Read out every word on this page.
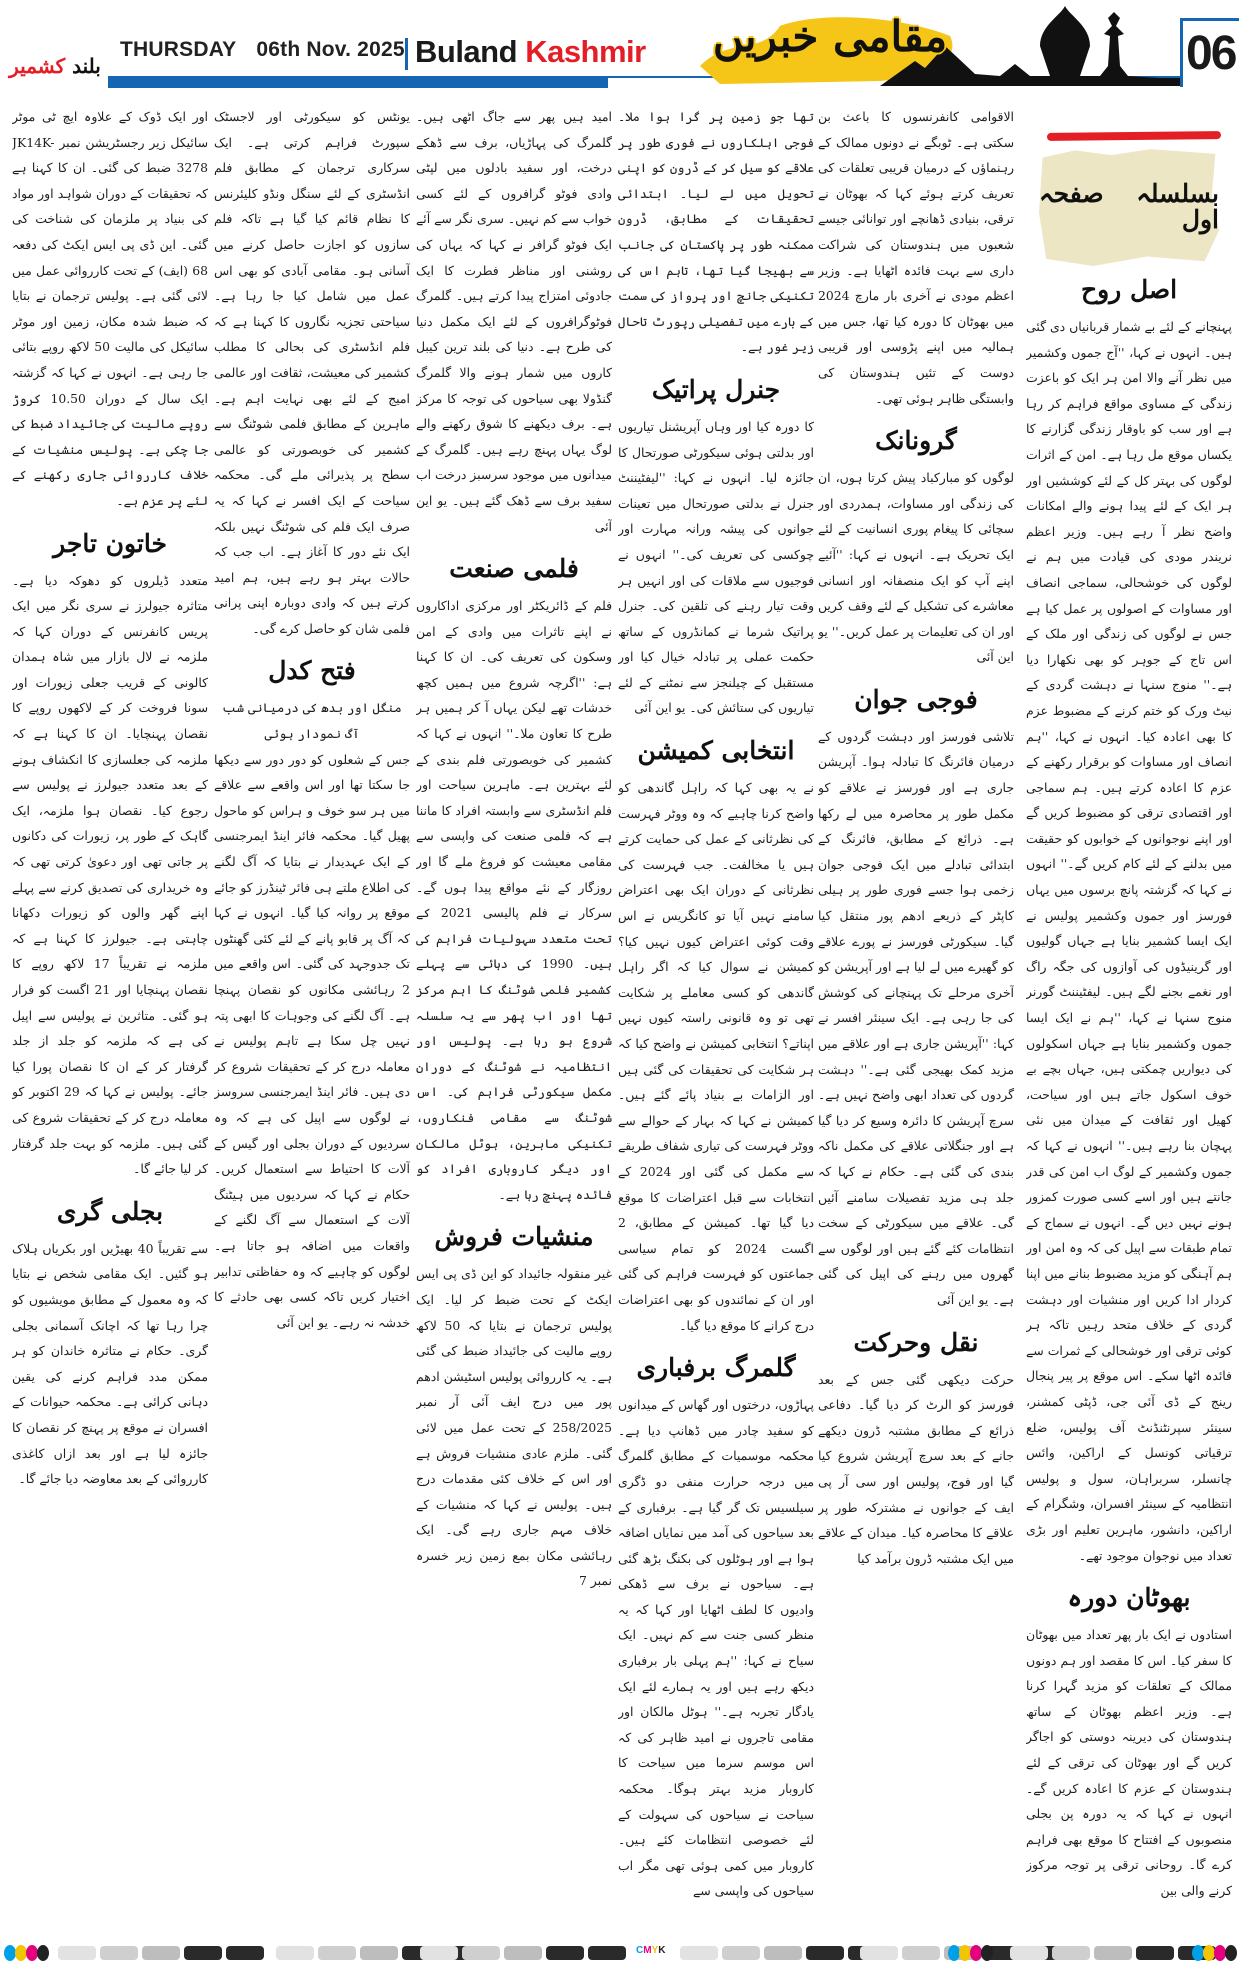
بلند کشمیر
THURSDAY 06th Nov. 2025 Buland Kashmir	مقامی خبریں	06
بسلسلہ صفحہ اول
اصل روح

پہنچانے کے لئے بے شمار قربانیاں دی گئی ہیں۔ انہوں نے کہا، ''آج جموں وکشمیر میں نظر آنے والا امن ہر ایک کو باعزت زندگی کے مساوی مواقع فراہم کر رہا ہے اور سب کو باوقار زندگی گزارنے کا یکساں موقع مل رہا ہے۔ امن کے اثرات لوگوں کی بہتر کل کے لئے کوششیں اور ہر ایک کے لئے پیدا ہونے والے امکانات واضح نظر آ رہے ہیں۔ وزیر اعظم نریندر مودی کی قیادت میں ہم نے لوگوں کی خوشحالی، سماجی انصاف اور مساوات کے اصولوں پر عمل کیا ہے جس نے لوگوں کی زندگی اور ملک کے اس تاج کے جوہر کو بھی نکھارا دیا ہے۔'' منوج سنہا نے دہشت گردی کے نیٹ ورک کو ختم کرنے کے مضبوط عزم کا بھی اعادہ کیا۔ انہوں نے کہا، ''ہم انصاف اور مساوات کو برقرار رکھنے کے عزم کا اعادہ کرتے ہیں۔ ہم سماجی اور اقتصادی ترقی کو مضبوط کریں گے اور اپنے نوجوانوں کے خوابوں کو حقیقت میں بدلنے کے لئے کام کریں گے۔'' انہوں نے کہا کہ گزشتہ پانچ برسوں میں یہاں فورسز اور جموں وکشمیر پولیس نے ایک ایسا کشمیر بنایا ہے جہاں گولیوں اور گرینیڈوں کی آوازوں کی جگہ راگ اور نغمے بجنے لگے ہیں۔ لیفٹیننٹ گورنر منوج سنہا نے کہا، ''ہم نے ایک ایسا جموں وکشمیر بنایا ہے جہاں اسکولوں کی دیواریں چمکتی ہیں، جہاں بچے بے خوف اسکول جاتے ہیں اور سیاحت، کھیل اور ثقافت کے میدان میں نئی پہچان بنا رہے ہیں۔'' انہوں نے کہا کہ جموں وکشمیر کے لوگ اب امن کی قدر جانتے ہیں اور اسے کسی صورت کمزور ہونے نہیں دیں گے۔ انہوں نے سماج کے تمام طبقات سے اپیل کی کہ وہ امن اور ہم آہنگی کو مزید مضبوط بنانے میں اپنا کردار ادا کریں اور منشیات اور دہشت گردی کے خلاف متحد رہیں تاکہ ہر کوئی ترقی اور خوشحالی کے ثمرات سے فائدہ اٹھا سکے۔ اس موقع پر پیر پنجال رینج کے ڈی آئی جی، ڈپٹی کمشنر، سینئر سپرنٹنڈنٹ آف پولیس، ضلع ترقیاتی کونسل کے اراکین، وائس چانسلر، سربراہان، سول و پولیس انتظامیہ کے سینئر افسران، وشگرام کے اراکین، دانشور، ماہرین تعلیم اور بڑی تعداد میں نوجوان موجود تھے۔

بھوٹان دورہ

استادوں نے ایک بار پھر تعداد میں بھوٹان کا سفر کیا۔ اس کا مقصد اور ہم دونوں ممالک کے تعلقات کو مزید گہرا کرنا ہے۔ وزیر اعظم بھوٹان کے ساتھ ہندوستان کی دیرینہ دوستی کو اجاگر کریں گے اور بھوٹان کی ترقی کے لئے ہندوستان کے عزم کا اعادہ کریں گے۔ انہوں نے کہا کہ یہ دورہ پن بجلی منصوبوں کے افتتاح کا موقع بھی فراہم کرے گا۔ روحانی ترقی پر توجہ مرکوز کرنے والی بین

الاقوامی کانفرنسوں کا باعث بن سکتی ہے۔ ٹوبگے نے دونوں ممالک کے رہنماؤں کے درمیان قریبی تعلقات کی تعریف کرتے ہوئے کہا کہ بھوٹان نے ترقی، بنیادی ڈھانچے اور توانائی جیسے شعبوں میں ہندوستان کی شراکت داری سے بہت فائدہ اٹھایا ہے۔ وزیر اعظم مودی نے آخری بار مارچ 2024 میں بھوٹان کا دورہ کیا تھا، جس میں ہمالیہ میں اپنے پڑوسی اور قریبی دوست کے تئیں ہندوستان کی وابستگی ظاہر ہوئی تھی۔

گرونانک

لوگوں کو مبارکباد پیش کرتا ہوں، ان کی زندگی اور مساوات، ہمدردی اور سچائی کا پیغام پوری انسانیت کے لئے ایک تحریک ہے۔ انہوں نے کہا: ''آئیے اپنے آپ کو ایک منصفانہ اور انسانی معاشرے کی تشکیل کے لئے وقف کریں اور ان کی تعلیمات پر عمل کریں۔'' یو این آئی

فوجی جوان

تلاشی فورسز اور دہشت گردوں کے درمیان فائرنگ کا تبادلہ ہوا۔ آپریشن جاری ہے اور فورسز نے علاقے کو مکمل طور پر محاصرہ میں لے رکھا ہے۔ ذرائع کے مطابق، فائرنگ کے ابتدائی تبادلے میں ایک فوجی جوان زخمی ہوا جسے فوری طور پر ہیلی کاپٹر کے ذریعے ادھم پور منتقل کیا گیا۔ سیکورٹی فورسز نے پورے علاقے کو گھیرے میں لے لیا ہے اور آپریشن کو آخری مرحلے تک پہنچانے کی کوشش کی جا رہی ہے۔ ایک سینئر افسر نے کہا: ''آپریشن جاری ہے اور علاقے میں مزید کمک بھیجی گئی ہے۔'' دہشت گردوں کی تعداد ابھی واضح نہیں ہے۔ سرچ آپریشن کا دائرہ وسیع کر دیا گیا ہے اور جنگلاتی علاقے کی مکمل ناکہ بندی کی گئی ہے۔ حکام نے کہا کہ جلد ہی مزید تفصیلات سامنے آئیں گی۔ علاقے میں سیکورٹی کے سخت انتظامات کئے گئے ہیں اور لوگوں سے گھروں میں رہنے کی اپیل کی گئی ہے۔ یو این آئی

نقل وحرکت

حرکت دیکھی گئی جس کے بعد فورسز کو الرٹ کر دیا گیا۔ دفاعی ذرائع کے مطابق مشتبہ ڈرون دیکھے جانے کے بعد سرچ آپریشن شروع کیا گیا اور فوج، پولیس اور سی آر پی ایف کے جوانوں نے مشترکہ طور پر علاقے کا محاصرہ کیا۔ میدان کے علاقے میں ایک مشتبہ ڈرون برآمد کیا

تھا جو زمین پر گرا ہوا ملا۔ فوجی اہلکاروں نے فوری طور پر علاقے کو سیل کر کے ڈرون کو اپنی تحویل میں لے لیا۔ ابتدائی تحقیقات کے مطابق، ڈرون ممکنہ طور پر پاکستان کی جانب سے بھیجا گیا تھا، تاہم اس کی تکنیکی جانچ اور پرواز کی سمت کے بارے میں تفصیلی رپورٹ تاحال زیر غور ہے۔

جنرل پراتیک

کا دورہ کیا اور وہاں آپریشنل تیاریوں اور بدلتی ہوئی سیکورٹی صورتحال کا جائزہ لیا۔ انہوں نے کہا: ''لیفٹیننٹ جنرل نے بدلتی صورتحال میں تعینات جوانوں کی پیشہ ورانہ مہارت اور چوکسی کی تعریف کی۔'' انہوں نے فوجیوں سے ملاقات کی اور انہیں ہر وقت تیار رہنے کی تلقین کی۔ جنرل پراتیک شرما نے کمانڈروں کے ساتھ حکمت عملی پر تبادلہ خیال کیا اور مستقبل کے چیلنجز سے نمٹنے کے لئے تیاریوں کی ستائش کی۔ یو این آئی

انتخابی کمیشن

نے یہ بھی کہا کہ راہل گاندھی کو واضح کرنا چاہیے کہ وہ ووٹر فہرست کی نظرثانی کے عمل کی حمایت کرتے ہیں یا مخالفت۔ جب فہرست کی نظرثانی کے دوران ایک بھی اعتراض سامنے نہیں آیا تو کانگریس نے اس وقت کوئی اعتراض کیوں نہیں کیا؟ کمیشن نے سوال کیا کہ اگر راہل گاندھی کو کسی معاملے پر شکایت تھی تو وہ قانونی راستہ کیوں نہیں اپناتے؟ انتخابی کمیشن نے واضح کیا کہ ہر شکایت کی تحقیقات کی گئی ہیں اور الزامات بے بنیاد پائے گئے ہیں۔ کمیشن نے کہا کہ بہار کے حوالے سے ووٹر فہرست کی تیاری شفاف طریقے سے مکمل کی گئی اور 2024 کے انتخابات سے قبل اعتراضات کا موقع دیا گیا تھا۔ کمیشن کے مطابق، 2 اگست 2024 کو تمام سیاسی جماعتوں کو فہرست فراہم کی گئی اور ان کے نمائندوں کو بھی اعتراضات درج کرانے کا موقع دیا گیا۔

گلمرگ برفباری

پہاڑوں، درختوں اور گھاس کے میدانوں کو سفید چادر میں ڈھانپ دیا ہے۔ محکمہ موسمیات کے مطابق گلمرگ میں درجہ حرارت منفی دو ڈگری سیلسیس تک گر گیا ہے۔ برفباری کے بعد سیاحوں کی آمد میں نمایاں اضافہ ہوا ہے اور ہوٹلوں کی بکنگ بڑھ گئی ہے۔ سیاحوں نے برف سے ڈھکی وادیوں کا لطف اٹھایا اور کہا کہ یہ منظر کسی جنت سے کم نہیں۔ ایک سیاح نے کہا: ''ہم پہلی بار برفباری دیکھ رہے ہیں اور یہ ہمارے لئے ایک یادگار تجربہ ہے۔'' ہوٹل مالکان اور مقامی تاجروں نے امید ظاہر کی کہ اس موسم سرما میں سیاحت کا کاروبار مزید بہتر ہوگا۔ محکمہ سیاحت نے سیاحوں کی سہولت کے لئے خصوصی انتظامات کئے ہیں۔ کاروبار میں کمی ہوئی تھی مگر اب سیاحوں کی واپسی سے

امید ہیں پھر سے جاگ اٹھی ہیں۔ گلمرگ کی پہاڑیاں، برف سے ڈھکے درخت، اور سفید بادلوں میں لپٹی وادی فوٹو گرافروں کے لئے کسی خواب سے کم نہیں۔ سری نگر سے آئے ایک فوٹو گرافر نے کہا کہ یہاں کی روشنی اور مناظر فطرت کا ایک جادوئی امتزاج پیدا کرتے ہیں۔ گلمرگ فوٹوگرافروں کے لئے ایک مکمل دنیا کی طرح ہے۔ دنیا کی بلند ترین کیبل کاروں میں شمار ہونے والا گلمرگ گنڈولا بھی سیاحوں کی توجہ کا مرکز ہے۔ برف دیکھنے کا شوق رکھنے والے لوگ یہاں پہنچ رہے ہیں۔ گلمرگ کے میدانوں میں موجود سرسبز درخت اب سفید برف سے ڈھک گئے ہیں۔ یو این آئی

فلمی صنعت

فلم کے ڈائریکٹر اور مرکزی اداکاروں نے اپنے تاثرات میں وادی کے امن وسکون کی تعریف کی۔ ان کا کہنا ہے: ''اگرچہ شروع میں ہمیں کچھ خدشات تھے لیکن یہاں آ کر ہمیں ہر طرح کا تعاون ملا۔'' انہوں نے کہا کہ کشمیر کی خوبصورتی فلم بندی کے لئے بہترین ہے۔ ماہرین سیاحت اور فلم انڈسٹری سے وابستہ افراد کا ماننا ہے کہ فلمی صنعت کی واپسی سے مقامی معیشت کو فروغ ملے گا اور روزگار کے نئے مواقع پیدا ہوں گے۔ سرکار نے فلم پالیسی 2021 کے تحت متعدد سہولیات فراہم کی ہیں۔ 1990 کی دہائی سے پہلے کشمیر فلمی شوٹنگ کا اہم مرکز تھا اور اب پھر سے یہ سلسلہ شروع ہو رہا ہے۔ پولیس اور انتظامیہ نے شوٹنگ کے دوران مکمل سیکورٹی فراہم کی۔ اس شوٹنگ سے مقامی فنکاروں، تکنیکی ماہرین، ہوٹل مالکان اور دیگر کاروباری افراد کو فائدہ پہنچ رہا ہے۔

منشیات فروش

غیر منقولہ جائیداد کو این ڈی پی ایس ایکٹ کے تحت ضبط کر لیا۔ ایک پولیس ترجمان نے بتایا کہ 50 لاکھ روپے مالیت کی جائیداد ضبط کی گئی ہے۔ یہ کارروائی پولیس اسٹیشن ادھم پور میں درج ایف آئی آر نمبر 258/2025 کے تحت عمل میں لائی گئی۔ ملزم عادی منشیات فروش ہے اور اس کے خلاف کئی مقدمات درج ہیں۔ پولیس نے کہا کہ منشیات کے خلاف مہم جاری رہے گی۔ ایک رہائشی مکان بمع زمین زیر خسرہ نمبر 7

یونٹس کو سیکورٹی اور لاجسٹک سپورٹ فراہم کرتی ہے۔ ایک سرکاری ترجمان کے مطابق فلم انڈسٹری کے لئے سنگل ونڈو کلیئرنس کا نظام قائم کیا گیا ہے تاکہ فلم سازوں کو اجازت حاصل کرنے میں آسانی ہو۔ مقامی آبادی کو بھی اس عمل میں شامل کیا جا رہا ہے۔ سیاحتی تجزیہ نگاروں کا کہنا ہے کہ فلم انڈسٹری کی بحالی کا مطلب کشمیر کی معیشت، ثقافت اور عالمی امیج کے لئے بھی نہایت اہم ہے۔ ماہرین کے مطابق فلمی شوٹنگ سے کشمیر کی خوبصورتی کو عالمی سطح پر پذیرائی ملے گی۔ محکمہ سیاحت کے ایک افسر نے کہا کہ یہ صرف ایک فلم کی شوٹنگ نہیں بلکہ ایک نئے دور کا آغاز ہے۔ اب جب کہ حالات بہتر ہو رہے ہیں، ہم امید کرتے ہیں کہ وادی دوبارہ اپنی پرانی فلمی شان کو حاصل کرے گی۔

فتح کدل

منگل اور بدھ کی درمیانی شب آگ نمودار ہوئی

جس کے شعلوں کو دور دور سے دیکھا جا سکتا تھا اور اس واقعے سے علاقے میں ہر سو خوف و ہراس کو ماحول پھیل گیا۔ محکمہ فائر اینڈ ایمرجنسی کے ایک عہدیدار نے بتایا کہ آگ لگنے کی اطلاع ملتے ہی فائر ٹینڈرز کو جائے موقع پر روانہ کیا گیا۔ انہوں نے کہا کہ آگ پر قابو پانے کے لئے کئی گھنٹوں تک جدوجہد کی گئی۔ اس واقعے میں 2 رہائشی مکانوں کو نقصان پہنچا ہے۔ آگ لگنے کی وجوہات کا ابھی پتہ نہیں چل سکا ہے تاہم پولیس نے معاملہ درج کر کے تحقیقات شروع کر دی ہیں۔ فائر اینڈ ایمرجنسی سروسز نے لوگوں سے اپیل کی ہے کہ وہ سردیوں کے دوران بجلی اور گیس کے آلات کا احتیاط سے استعمال کریں۔ حکام نے کہا کہ سردیوں میں ہیٹنگ آلات کے استعمال سے آگ لگنے کے واقعات میں اضافہ ہو جاتا ہے۔ لوگوں کو چاہیے کہ وہ حفاظتی تدابیر اختیار کریں تاکہ کسی بھی حادثے کا خدشہ نہ رہے۔ یو این آئی

اور ایک ڈوک کے علاوہ ایچ ٹی موٹر سائیکل زیر رجسٹریشن نمبر JK14K-3278 ضبط کی گئی۔ ان کا کہنا ہے کہ تحقیقات کے دوران شواہد اور مواد کی بنیاد پر ملزمان کی شناخت کی گئی۔ این ڈی پی ایس ایکٹ کی دفعہ 68 (ایف) کے تحت کارروائی عمل میں لائی گئی ہے۔ پولیس ترجمان نے بتایا کہ ضبط شدہ مکان، زمین اور موٹر سائیکل کی مالیت 50 لاکھ روپے بتائی جا رہی ہے۔ انہوں نے کہا کہ گزشتہ ایک سال کے دوران 10.50 کروڑ روپے مالیت کی جائیداد ضبط کی جا چکی ہے۔ پولیس منشیات کے خلاف کارروائی جاری رکھنے کے لئے پر عزم ہے۔

خاتون تاجر

متعدد ڈیلروں کو دھوکہ دیا ہے۔ متاثرہ جیولرز نے سری نگر میں ایک پریس کانفرنس کے دوران کہا کہ ملزمہ نے لال بازار میں شاہ ہمدان کالونی کے قریب جعلی زیورات اور سونا فروخت کر کے لاکھوں روپے کا نقصان پہنچایا۔ ان کا کہنا ہے کہ ملزمہ کی جعلسازی کا انکشاف ہونے کے بعد متعدد جیولرز نے پولیس سے رجوع کیا۔ نقصان ہوا ملزمہ، ایک گاہک کے طور پر، زیورات کی دکانوں پر جاتی تھی اور دعویٰ کرتی تھی کہ وہ خریداری کی تصدیق کرنے سے پہلے اپنے گھر والوں کو زیورات دکھانا چاہتی ہے۔ جیولرز کا کہنا ہے کہ ملزمہ نے تقریباً 17 لاکھ روپے کا نقصان پہنچایا اور 21 اگست کو فرار ہو گئی۔ متاثرین نے پولیس سے اپیل کی ہے کہ ملزمہ کو جلد از جلد گرفتار کر کے ان کا نقصان پورا کیا جائے۔ پولیس نے کہا کہ 29 اکتوبر کو معاملہ درج کر کے تحقیقات شروع کی گئی ہیں۔ ملزمہ کو بہت جلد گرفتار کر لیا جائے گا۔

بجلی گری

سے تقریباً 40 بھیڑیں اور بکریاں ہلاک ہو گئیں۔ ایک مقامی شخص نے بتایا کہ وہ معمول کے مطابق مویشیوں کو چرا رہا تھا کہ اچانک آسمانی بجلی گری۔ حکام نے متاثرہ خاندان کو ہر ممکن مدد فراہم کرنے کی یقین دہانی کرائی ہے۔ محکمہ حیوانات کے افسران نے موقع پر پہنچ کر نقصان کا جائزہ لیا ہے اور بعد ازاں کاغذی کارروائی کے بعد معاوضہ دیا جائے گا۔

CMYK
